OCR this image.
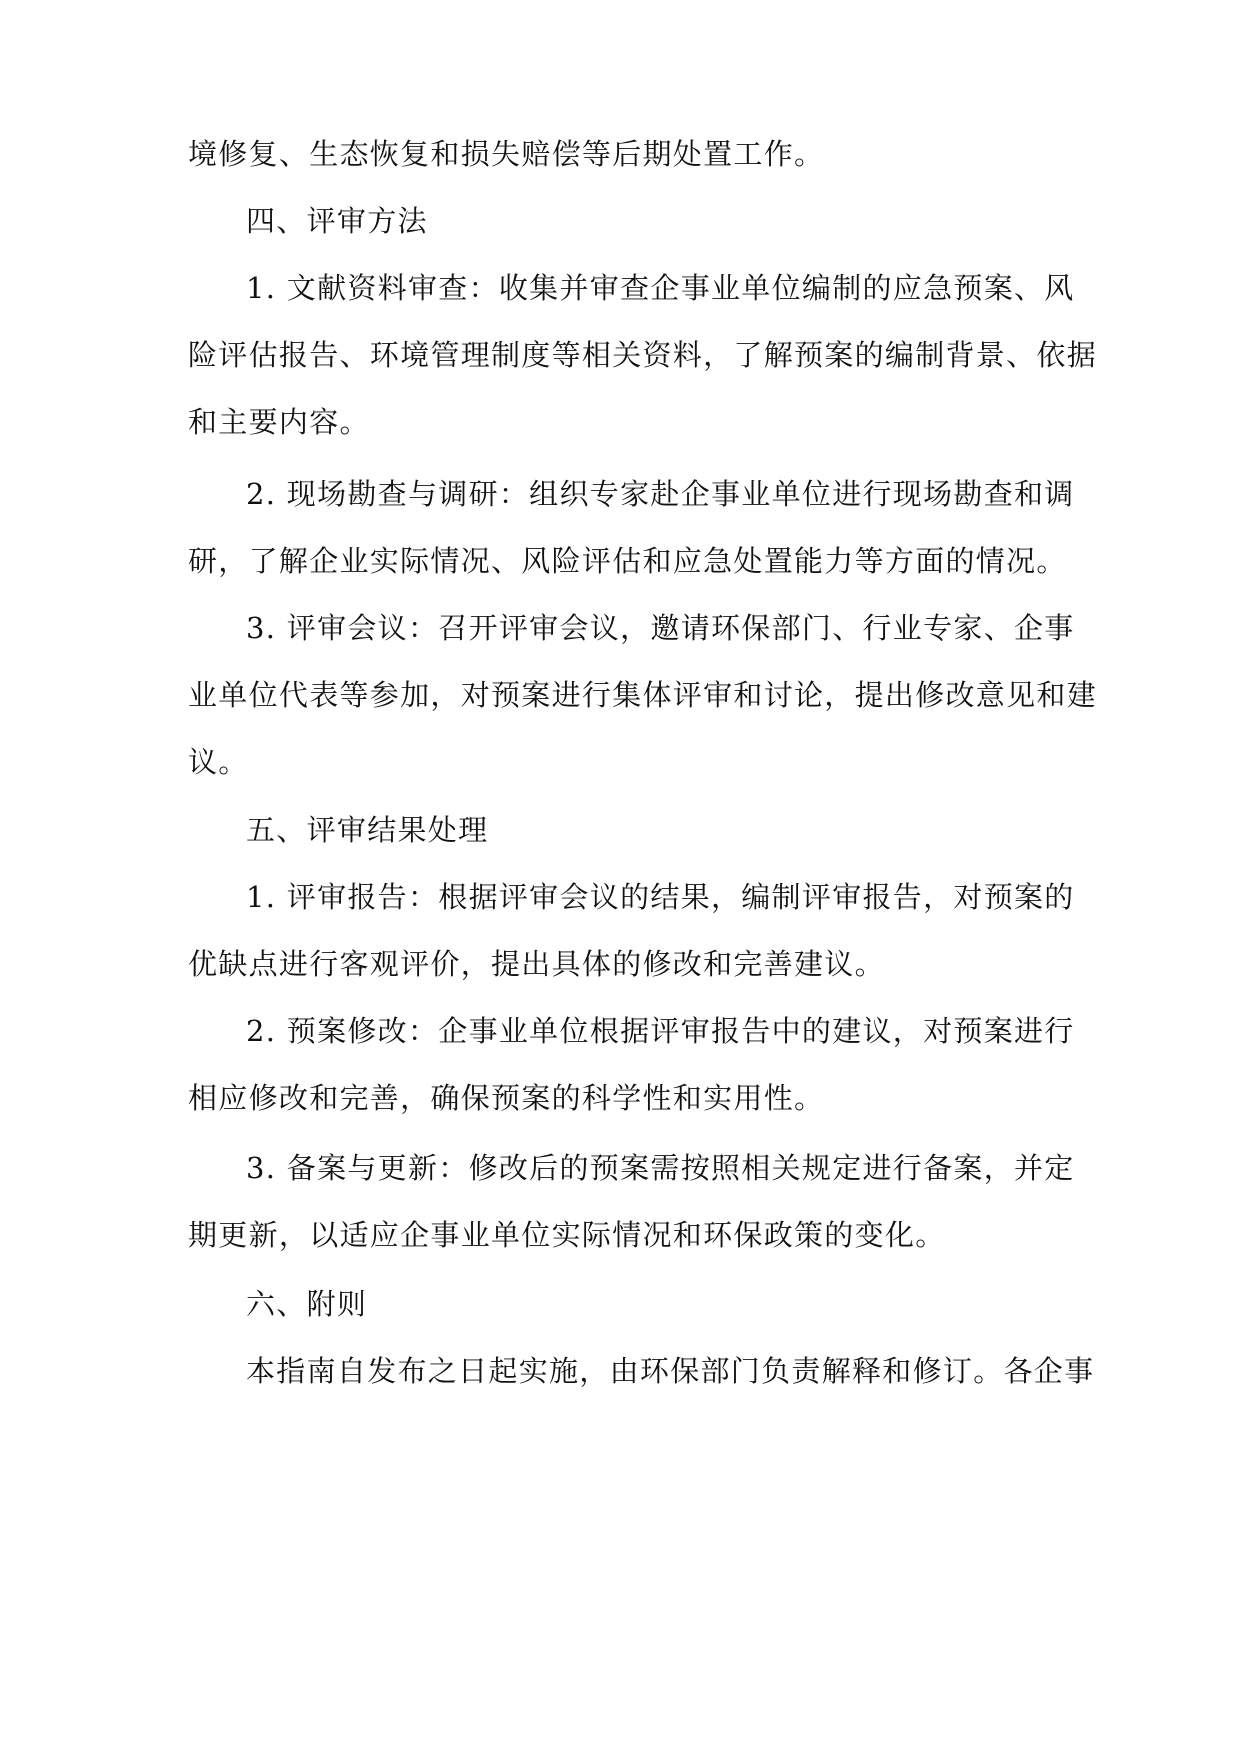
境修复、生态恢复和损失赔偿等后期处置工作。
四、评审方法
1. 文献资料审查：收集并审查企事业单位编制的应急预案、风
险评估报告、环境管理制度等相关资料，了解预案的编制背景、依据
和主要内容。
2. 现场勘查与调研：组织专家赴企事业单位进行现场勘查和调
研，了解企业实际情况、风险评估和应急处置能力等方面的情况。
3. 评审会议：召开评审会议，邀请环保部门、行业专家、企事
业单位代表等参加，对预案进行集体评审和讨论，提出修改意见和建
议。
五、评审结果处理
1. 评审报告：根据评审会议的结果，编制评审报告，对预案的
优缺点进行客观评价，提出具体的修改和完善建议。
2. 预案修改：企事业单位根据评审报告中的建议，对预案进行
相应修改和完善，确保预案的科学性和实用性。
3. 备案与更新：修改后的预案需按照相关规定进行备案，并定
期更新，以适应企事业单位实际情况和环保政策的变化。
六、附则
本指南自发布之日起实施，由环保部门负责解释和修订。各企事
